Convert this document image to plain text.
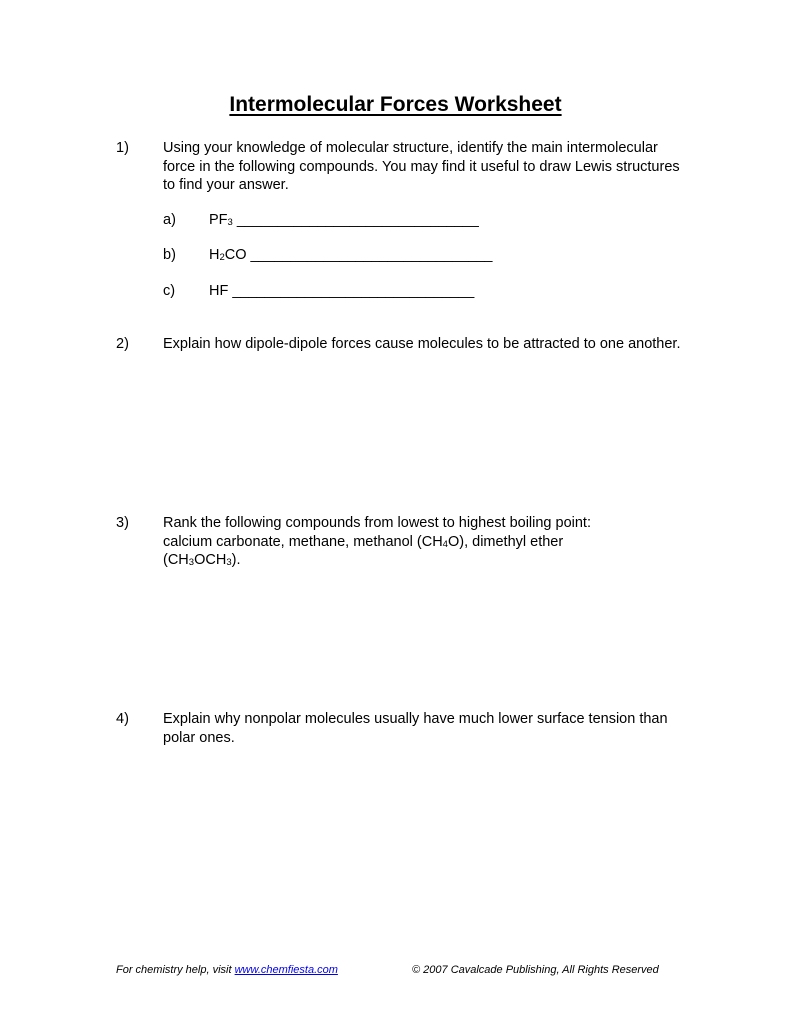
Intermolecular Forces Worksheet
1) Using your knowledge of molecular structure, identify the main intermolecular force in the following compounds. You may find it useful to draw Lewis structures to find your answer.
a) $PF_3$ ______________________________
b) $H_2CO$ ______________________________
c) HF ______________________________
2) Explain how dipole-dipole forces cause molecules to be attracted to one another.
3) Rank the following compounds from lowest to highest boiling point:
calcium carbonate, methane, methanol $(CH_4O)$, dimethyl ether
$(CH_3OCH_3)$.
4) Explain why nonpolar molecules usually have much lower surface tension than polar ones.
For chemistry help, visit www.chemfiesta.com	© 2007 Cavalcade Publishing, All Rights Reserved
